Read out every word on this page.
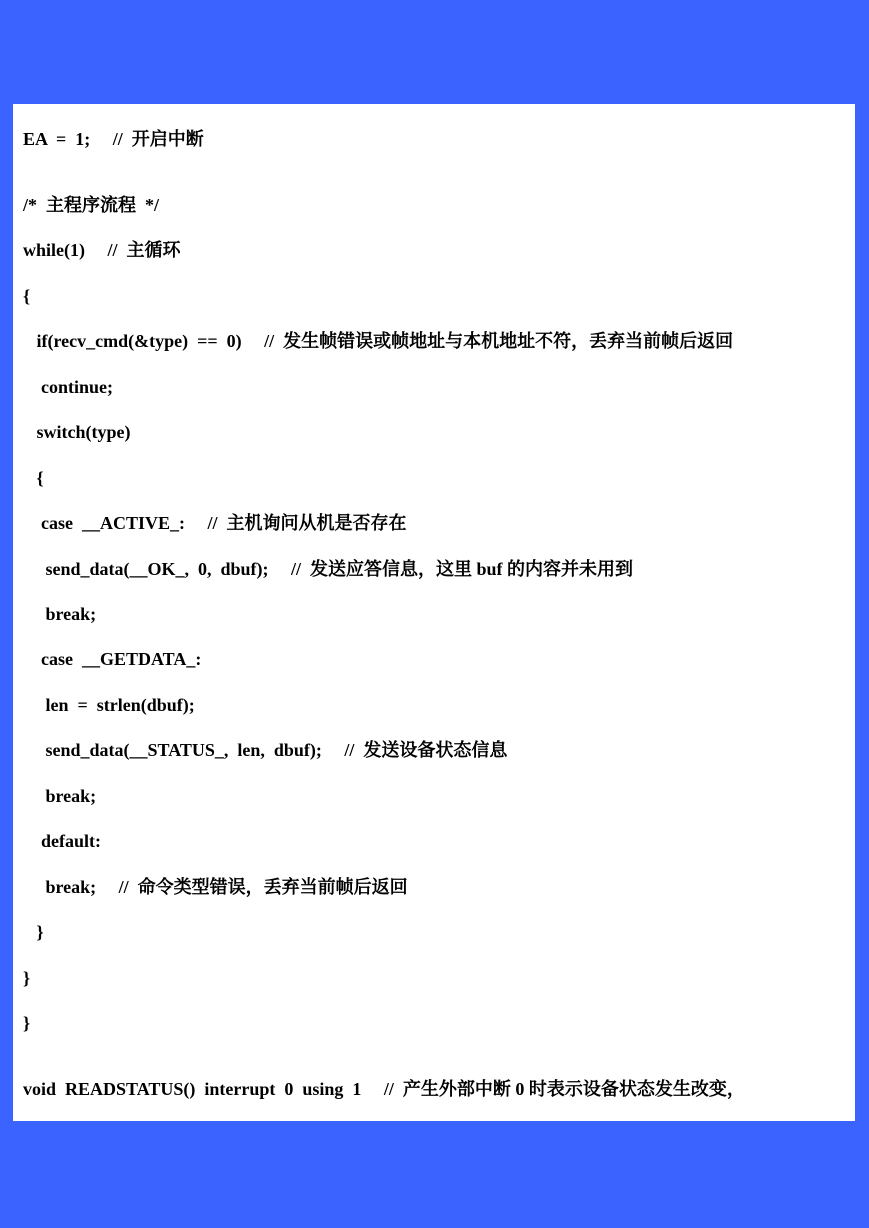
EA  =  1;     //  开启中断
/*  主程序流程  */
while(1)     //  主循环
{
if(recv_cmd(&type)  ==  0)     //  发生帧错误或帧地址与本机地址不符，丢弃当前帧后返回
continue;
switch(type)
{
case  __ACTIVE_:     //  主机询问从机是否存在
send_data(__OK_,  0,  dbuf);     //  发送应答信息，这里 buf 的内容并未用到
break;
case  __GETDATA_:
len  =  strlen(dbuf);
send_data(__STATUS_,  len,  dbuf);     //  发送设备状态信息
break;
default:
break;     //  命令类型错误，丢弃当前帧后返回
}
}
}
void  READSTATUS()  interrupt  0  using  1     //  产生外部中断 0 时表示设备状态发生改变，
